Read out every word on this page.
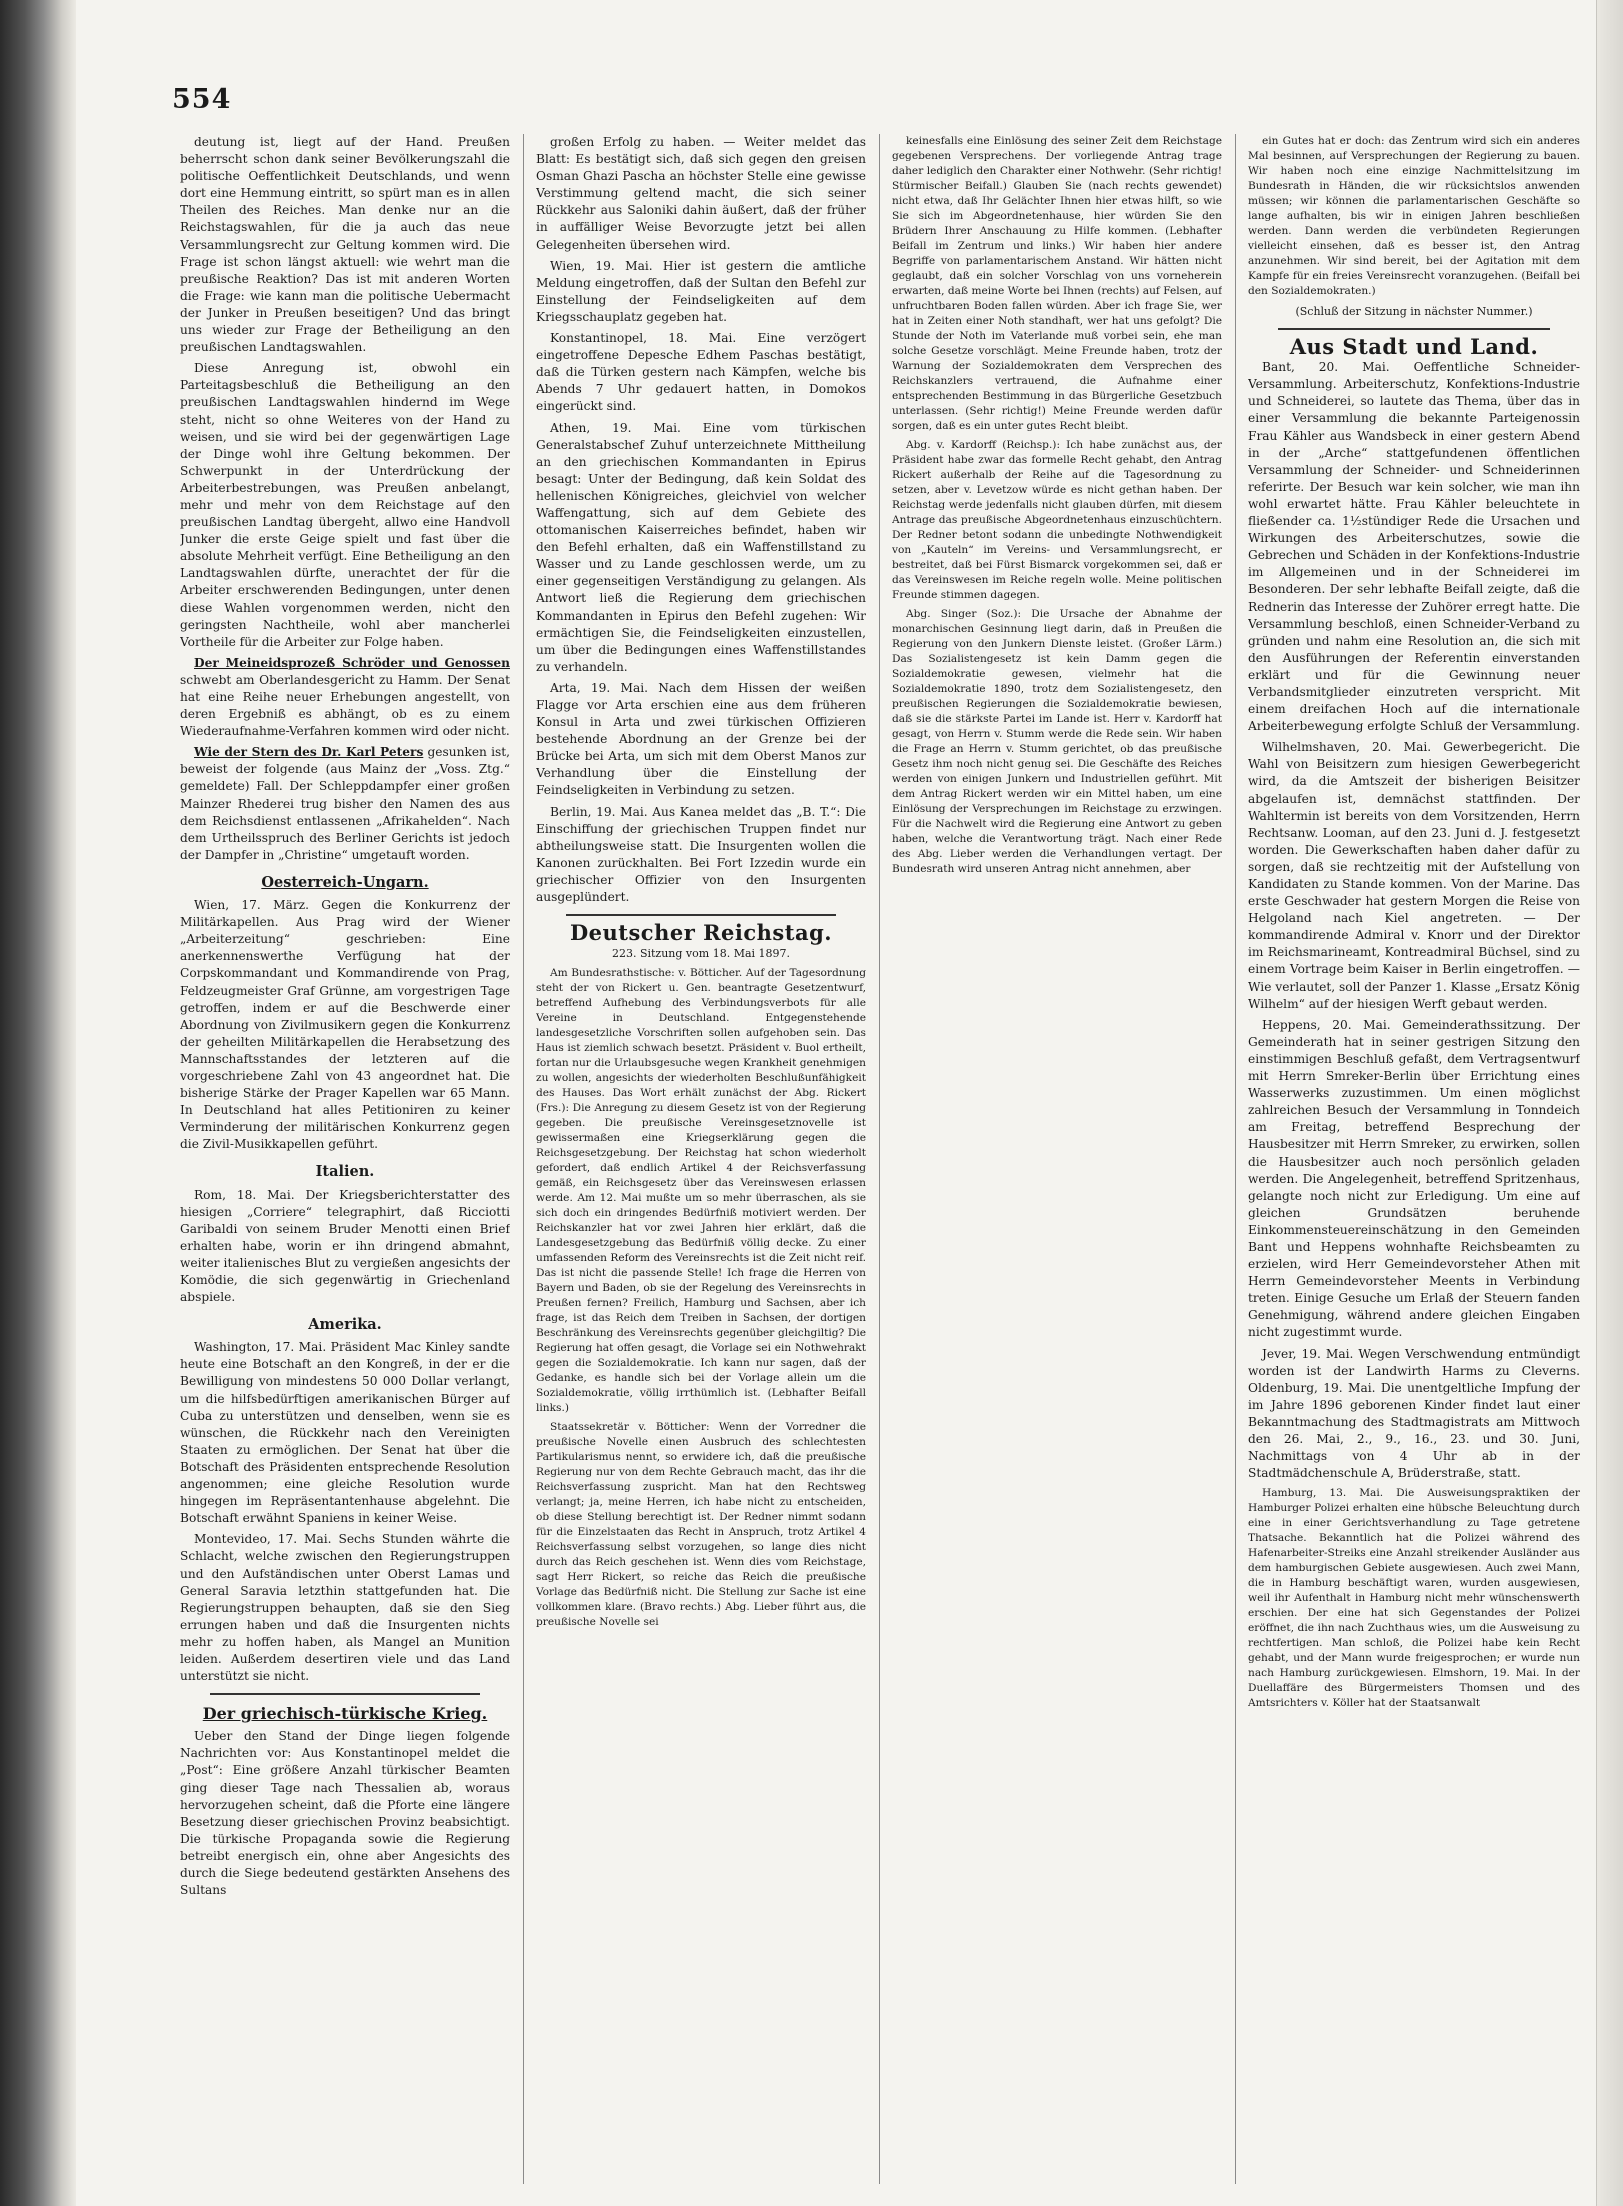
554

deutung ist, liegt auf der Hand. Preußen beherrscht schon dank seiner Bevölkerungszahl die politische Oeffentlichkeit Deutschlands, und wenn dort eine Hemmung eintritt, so spürt man es in allen Theilen des Reiches. Man denke nur an die Reichstagswahlen, für die ja auch das neue Versammlungsrecht zur Geltung kommen wird. Die Frage ist schon längst aktuell: wie wehrt man die preußische Reaktion? Das ist mit anderen Worten die Frage: wie kann man die politische Uebermacht der Junker in Preußen beseitigen? Und das bringt uns wieder zur Frage der Betheiligung an den preußischen Landtagswahlen.

Diese Anregung ist, obwohl ein Parteitagsbeschluß die Betheiligung an den preußischen Landtagswahlen hindernd im Wege steht, nicht so ohne Weiteres von der Hand zu weisen, und sie wird bei der gegenwärtigen Lage der Dinge wohl ihre Geltung bekommen. Der Schwerpunkt in der Unterdrückung der Arbeiterbestrebungen, was Preußen anbelangt, mehr und mehr von dem Reichstage auf den preußischen Landtag übergeht, allwo eine Handvoll Junker die erste Geige spielt und fast über die absolute Mehrheit verfügt. Eine Betheiligung an den Landtagswahlen dürfte, unerachtet der für die Arbeiter erschwerenden Bedingungen, unter denen diese Wahlen vorgenommen werden, nicht den geringsten Nachtheile, wohl aber mancherlei Vortheile für die Arbeiter zur Folge haben.

Der Meineidsprozeß Schröder und Genossen schwebt am Oberlandesgericht zu Hamm. Der Senat hat eine Reihe neuer Erhebungen angestellt, von deren Ergebniß es abhängt, ob es zu einem Wiederaufnahme-Verfahren kommen wird oder nicht.

Wie der Stern des Dr. Karl Peters gesunken ist, beweist der folgende (aus Mainz der „Voss. Ztg.“ gemeldete) Fall. Der Schleppdampfer einer großen Mainzer Rhederei trug bisher den Namen des aus dem Reichsdienst entlassenen „Afrikahelden“. Nach dem Urtheilsspruch des Berliner Gerichts ist jedoch der Dampfer in „Christine“ umgetauft worden.

Oesterreich-Ungarn.

Wien, 17. März. Gegen die Konkurrenz der Militärkapellen. Aus Prag wird der Wiener „Arbeiterzeitung“ geschrieben: Eine anerkennenswerthe Verfügung hat der Corpskommandant und Kommandirende von Prag, Feldzeugmeister Graf Grünne, am vorgestrigen Tage getroffen, indem er auf die Beschwerde einer Abordnung von Zivilmusikern gegen die Konkurrenz der geheilten Militärkapellen die Herabsetzung des Mannschaftsstandes der letzteren auf die vorgeschriebene Zahl von 43 angeordnet hat. Die bisherige Stärke der Prager Kapellen war 65 Mann. In Deutschland hat alles Petitioniren zu keiner Verminderung der militärischen Konkurrenz gegen die Zivil-Musikkapellen geführt.

Italien.

Rom, 18. Mai. Der Kriegsberichterstatter des hiesigen „Corriere“ telegraphirt, daß Ricciotti Garibaldi von seinem Bruder Menotti einen Brief erhalten habe, worin er ihn dringend abmahnt, weiter italienisches Blut zu vergießen angesichts der Komödie, die sich gegenwärtig in Griechenland abspiele.

Amerika.

Washington, 17. Mai. Präsident Mac Kinley sandte heute eine Botschaft an den Kongreß, in der er die Bewilligung von mindestens 50 000 Dollar verlangt, um die hilfsbedürftigen amerikanischen Bürger auf Cuba zu unterstützen und denselben, wenn sie es wünschen, die Rückkehr nach den Vereinigten Staaten zu ermöglichen. Der Senat hat über die Botschaft des Präsidenten entsprechende Resolution angenommen; eine gleiche Resolution wurde hingegen im Repräsentantenhause abgelehnt. Die Botschaft erwähnt Spaniens in keiner Weise.

Montevideo, 17. Mai. Sechs Stunden währte die Schlacht, welche zwischen den Regierungstruppen und den Aufständischen unter Oberst Lamas und General Saravia letzthin stattgefunden hat. Die Regierungstruppen behaupten, daß sie den Sieg errungen haben und daß die Insurgenten nichts mehr zu hoffen haben, als Mangel an Munition leiden. Außerdem desertiren viele und das Land unterstützt sie nicht.

Der griechisch-türkische Krieg.

Ueber den Stand der Dinge liegen folgende Nachrichten vor: Aus Konstantinopel meldet die „Post“: Eine größere Anzahl türkischer Beamten ging dieser Tage nach Thessalien ab, woraus hervorzugehen scheint, daß die Pforte eine längere Besetzung dieser griechischen Provinz beabsichtigt. Die türkische Propaganda sowie die Regierung betreibt energisch ein, ohne aber Angesichts des durch die Siege bedeutend gestärkten Ansehens des Sultans

großen Erfolg zu haben. — Weiter meldet das Blatt: Es bestätigt sich, daß sich gegen den greisen Osman Ghazi Pascha an höchster Stelle eine gewisse Verstimmung geltend macht, die sich seiner Rückkehr aus Saloniki dahin äußert, daß der früher in auffälliger Weise Bevorzugte jetzt bei allen Gelegenheiten übersehen wird.

Wien, 19. Mai. Hier ist gestern die amtliche Meldung eingetroffen, daß der Sultan den Befehl zur Einstellung der Feindseligkeiten auf dem Kriegsschauplatz gegeben hat.

Konstantinopel, 18. Mai. Eine verzögert eingetroffene Depesche Edhem Paschas bestätigt, daß die Türken gestern nach Kämpfen, welche bis Abends 7 Uhr gedauert hatten, in Domokos eingerückt sind.

Athen, 19. Mai. Eine vom türkischen Generalstabschef Zuhuf unterzeichnete Mittheilung an den griechischen Kommandanten in Epirus besagt: Unter der Bedingung, daß kein Soldat des hellenischen Königreiches, gleichviel von welcher Waffengattung, sich auf dem Gebiete des ottomanischen Kaiserreiches befindet, haben wir den Befehl erhalten, daß ein Waffenstillstand zu Wasser und zu Lande geschlossen werde, um zu einer gegenseitigen Verständigung zu gelangen. Als Antwort ließ die Regierung dem griechischen Kommandanten in Epirus den Befehl zugehen: Wir ermächtigen Sie, die Feindseligkeiten einzustellen, um über die Bedingungen eines Waffenstillstandes zu verhandeln.

Arta, 19. Mai. Nach dem Hissen der weißen Flagge vor Arta erschien eine aus dem früheren Konsul in Arta und zwei türkischen Offizieren bestehende Abordnung an der Grenze bei der Brücke bei Arta, um sich mit dem Oberst Manos zur Verhandlung über die Einstellung der Feindseligkeiten in Verbindung zu setzen.

Berlin, 19. Mai. Aus Kanea meldet das „B. T.“: Die Einschiffung der griechischen Truppen findet nur abtheilungsweise statt. Die Insurgenten wollen die Kanonen zurückhalten. Bei Fort Izzedin wurde ein griechischer Offizier von den Insurgenten ausgeplündert.

Deutscher Reichstag.

223. Sitzung vom 18. Mai 1897.

Am Bundesrathstische: v. Bötticher. Auf der Tagesordnung steht der von Rickert u. Gen. beantragte Gesetzentwurf, betreffend Aufhebung des Verbindungsverbots für alle Vereine in Deutschland. Entgegenstehende landesgesetzliche Vorschriften sollen aufgehoben sein. Das Haus ist ziemlich schwach besetzt. Präsident v. Buol ertheilt, fortan nur die Urlaubsgesuche wegen Krankheit genehmigen zu wollen, angesichts der wiederholten Beschlußunfähigkeit des Hauses. Das Wort erhält zunächst der Abg. Rickert (Frs.): Die Anregung zu diesem Gesetz ist von der Regierung gegeben. Die preußische Vereinsgesetznovelle ist gewissermaßen eine Kriegserklärung gegen die Reichsgesetzgebung. Der Reichstag hat schon wiederholt gefordert, daß endlich Artikel 4 der Reichsverfassung gemäß, ein Reichsgesetz über das Vereinswesen erlassen werde. Am 12. Mai mußte um so mehr überraschen, als sie sich doch ein dringendes Bedürfniß motiviert werden. Der Reichskanzler hat vor zwei Jahren hier erklärt, daß die Landesgesetzgebung das Bedürfniß völlig decke. Zu einer umfassenden Reform des Vereinsrechts ist die Zeit nicht reif. Das ist nicht die passende Stelle! Ich frage die Herren von Bayern und Baden, ob sie der Regelung des Vereinsrechts in Preußen fernen? Freilich, Hamburg und Sachsen, aber ich frage, ist das Reich dem Treiben in Sachsen, der dortigen Beschränkung des Vereinsrechts gegenüber gleichgiltig? Die Regierung hat offen gesagt, die Vorlage sei ein Nothwehrakt gegen die Sozialdemokratie. Ich kann nur sagen, daß der Gedanke, es handle sich bei der Vorlage allein um die Sozialdemokratie, völlig irrthümlich ist. (Lebhafter Beifall links.)

Staatssekretär v. Bötticher: Wenn der Vorredner die preußische Novelle einen Ausbruch des schlechtesten Partikularismus nennt, so erwidere ich, daß die preußische Regierung nur von dem Rechte Gebrauch macht, das ihr die Reichsverfassung zuspricht. Man hat den Rechtsweg verlangt; ja, meine Herren, ich habe nicht zu entscheiden, ob diese Stellung berechtigt ist. Der Redner nimmt sodann für die Einzelstaaten das Recht in Anspruch, trotz Artikel 4 Reichsverfassung selbst vorzugehen, so lange dies nicht durch das Reich geschehen ist. Wenn dies vom Reichstage, sagt Herr Rickert, so reiche das Reich die preußische Vorlage das Bedürfniß nicht. Die Stellung zur Sache ist eine vollkommen klare. (Bravo rechts.) Abg. Lieber führt aus, die preußische Novelle sei

keinesfalls eine Einlösung des seiner Zeit dem Reichstage gegebenen Versprechens. Der vorliegende Antrag trage daher lediglich den Charakter einer Nothwehr. (Sehr richtig! Stürmischer Beifall.) Glauben Sie (nach rechts gewendet) nicht etwa, daß Ihr Gelächter Ihnen hier etwas hilft, so wie Sie sich im Abgeordnetenhause, hier würden Sie den Brüdern Ihrer Anschauung zu Hilfe kommen. (Lebhafter Beifall im Zentrum und links.) Wir haben hier andere Begriffe von parlamentarischem Anstand. Wir hätten nicht geglaubt, daß ein solcher Vorschlag von uns vorneherein erwarten, daß meine Worte bei Ihnen (rechts) auf Felsen, auf unfruchtbaren Boden fallen würden. Aber ich frage Sie, wer hat in Zeiten einer Noth standhaft, wer hat uns gefolgt? Die Stunde der Noth im Vaterlande muß vorbei sein, ehe man solche Gesetze vorschlägt. Meine Freunde haben, trotz der Warnung der Sozialdemokraten dem Versprechen des Reichskanzlers vertrauend, die Aufnahme einer entsprechenden Bestimmung in das Bürgerliche Gesetzbuch unterlassen. (Sehr richtig!) Meine Freunde werden dafür sorgen, daß es ein unter gutes Recht bleibt.

Abg. v. Kardorff (Reichsp.): Ich habe zunächst aus, der Präsident habe zwar das formelle Recht gehabt, den Antrag Rickert außerhalb der Reihe auf die Tagesordnung zu setzen, aber v. Levetzow würde es nicht gethan haben. Der Reichstag werde jedenfalls nicht glauben dürfen, mit diesem Antrage das preußische Abgeordnetenhaus einzuschüchtern. Der Redner betont sodann die unbedingte Nothwendigkeit von „Kauteln“ im Vereins- und Versammlungsrecht, er bestreitet, daß bei Fürst Bismarck vorgekommen sei, daß er das Vereinswesen im Reiche regeln wolle. Meine politischen Freunde stimmen dagegen.

Abg. Singer (Soz.): Die Ursache der Abnahme der monarchischen Gesinnung liegt darin, daß in Preußen die Regierung von den Junkern Dienste leistet. (Großer Lärm.) Das Sozialistengesetz ist kein Damm gegen die Sozialdemokratie gewesen, vielmehr hat die Sozialdemokratie 1890, trotz dem Sozialistengesetz, den preußischen Regierungen die Sozialdemokratie bewiesen, daß sie die stärkste Partei im Lande ist. Herr v. Kardorff hat gesagt, von Herrn v. Stumm werde die Rede sein. Wir haben die Frage an Herrn v. Stumm gerichtet, ob das preußische Gesetz ihm noch nicht genug sei. Die Geschäfte des Reiches werden von einigen Junkern und Industriellen geführt. Mit dem Antrag Rickert werden wir ein Mittel haben, um eine Einlösung der Versprechungen im Reichstage zu erzwingen. Für die Nachwelt wird die Regierung eine Antwort zu geben haben, welche die Verantwortung trägt. Nach einer Rede des Abg. Lieber werden die Verhandlungen vertagt. Der Bundesrath wird unseren Antrag nicht annehmen, aber

ein Gutes hat er doch: das Zentrum wird sich ein anderes Mal besinnen, auf Versprechungen der Regierung zu bauen. Wir haben noch eine einzige Nachmittelsitzung im Bundesrath in Händen, die wir rücksichtslos anwenden müssen; wir können die parlamentarischen Geschäfte so lange aufhalten, bis wir in einigen Jahren beschließen werden. Dann werden die verbündeten Regierungen vielleicht einsehen, daß es besser ist, den Antrag anzunehmen. Wir sind bereit, bei der Agitation mit dem Kampfe für ein freies Vereinsrecht voranzugehen. (Beifall bei den Sozialdemokraten.)

(Schluß der Sitzung in nächster Nummer.)

Aus Stadt und Land.

Bant, 20. Mai. Oeffentliche Schneider-Versammlung. Arbeiterschutz, Konfektions-Industrie und Schneiderei, so lautete das Thema, über das in einer Versammlung die bekannte Parteigenossin Frau Kähler aus Wandsbeck in einer gestern Abend in der „Arche“ stattgefundenen öffentlichen Versammlung der Schneider- und Schneiderinnen referirte. Der Besuch war kein solcher, wie man ihn wohl erwartet hätte. Frau Kähler beleuchtete in fließender ca. 1½stündiger Rede die Ursachen und Wirkungen des Arbeiterschutzes, sowie die Gebrechen und Schäden in der Konfektions-Industrie im Allgemeinen und in der Schneiderei im Besonderen. Der sehr lebhafte Beifall zeigte, daß die Rednerin das Interesse der Zuhörer erregt hatte. Die Versammlung beschloß, einen Schneider-Verband zu gründen und nahm eine Resolution an, die sich mit den Ausführungen der Referentin einverstanden erklärt und für die Gewinnung neuer Verbandsmitglieder einzutreten verspricht. Mit einem dreifachen Hoch auf die internationale Arbeiterbewegung erfolgte Schluß der Versammlung.

Wilhelmshaven, 20. Mai. Gewerbegericht. Die Wahl von Beisitzern zum hiesigen Gewerbegericht wird, da die Amtszeit der bisherigen Beisitzer abgelaufen ist, demnächst stattfinden. Der Wahltermin ist bereits von dem Vorsitzenden, Herrn Rechtsanw. Looman, auf den 23. Juni d. J. festgesetzt worden. Die Gewerkschaften haben daher dafür zu sorgen, daß sie rechtzeitig mit der Aufstellung von Kandidaten zu Stande kommen. Von der Marine. Das erste Geschwader hat gestern Morgen die Reise von Helgoland nach Kiel angetreten. — Der kommandirende Admiral v. Knorr und der Direktor im Reichsmarineamt, Kontreadmiral Büchsel, sind zu einem Vortrage beim Kaiser in Berlin eingetroffen. — Wie verlautet, soll der Panzer 1. Klasse „Ersatz König Wilhelm“ auf der hiesigen Werft gebaut werden.

Heppens, 20. Mai. Gemeinderathssitzung. Der Gemeinderath hat in seiner gestrigen Sitzung den einstimmigen Beschluß gefaßt, dem Vertragsentwurf mit Herrn Smreker-Berlin über Errichtung eines Wasserwerks zuzustimmen. Um einen möglichst zahlreichen Besuch der Versammlung in Tonndeich am Freitag, betreffend Besprechung der Hausbesitzer mit Herrn Smreker, zu erwirken, sollen die Hausbesitzer auch noch persönlich geladen werden. Die Angelegenheit, betreffend Spritzenhaus, gelangte noch nicht zur Erledigung. Um eine auf gleichen Grundsätzen beruhende Einkommensteuereinschätzung in den Gemeinden Bant und Heppens wohnhafte Reichsbeamten zu erzielen, wird Herr Gemeindevorsteher Athen mit Herrn Gemeindevorsteher Meents in Verbindung treten. Einige Gesuche um Erlaß der Steuern fanden Genehmigung, während andere gleichen Eingaben nicht zugestimmt wurde.

Jever, 19. Mai. Wegen Verschwendung entmündigt worden ist der Landwirth Harms zu Cleverns. Oldenburg, 19. Mai. Die unentgeltliche Impfung der im Jahre 1896 geborenen Kinder findet laut einer Bekanntmachung des Stadtmagistrats am Mittwoch den 26. Mai, 2., 9., 16., 23. und 30. Juni, Nachmittags von 4 Uhr ab in der Stadtmädchenschule A, Brüderstraße, statt.

Hamburg, 13. Mai. Die Ausweisungspraktiken der Hamburger Polizei erhalten eine hübsche Beleuchtung durch eine in einer Gerichtsverhandlung zu Tage getretene Thatsache. Bekanntlich hat die Polizei während des Hafenarbeiter-Streiks eine Anzahl streikender Ausländer aus dem hamburgischen Gebiete ausgewiesen. Auch zwei Mann, die in Hamburg beschäftigt waren, wurden ausgewiesen, weil ihr Aufenthalt in Hamburg nicht mehr wünschenswerth erschien. Der eine hat sich Gegenstandes der Polizei eröffnet, die ihn nach Zuchthaus wies, um die Ausweisung zu rechtfertigen. Man schloß, die Polizei habe kein Recht gehabt, und der Mann wurde freigesprochen; er wurde nun nach Hamburg zurückgewiesen. Elmshorn, 19. Mai. In der Duellaffäre des Bürgermeisters Thomsen und des Amtsrichters v. Köller hat der Staatsanwalt
